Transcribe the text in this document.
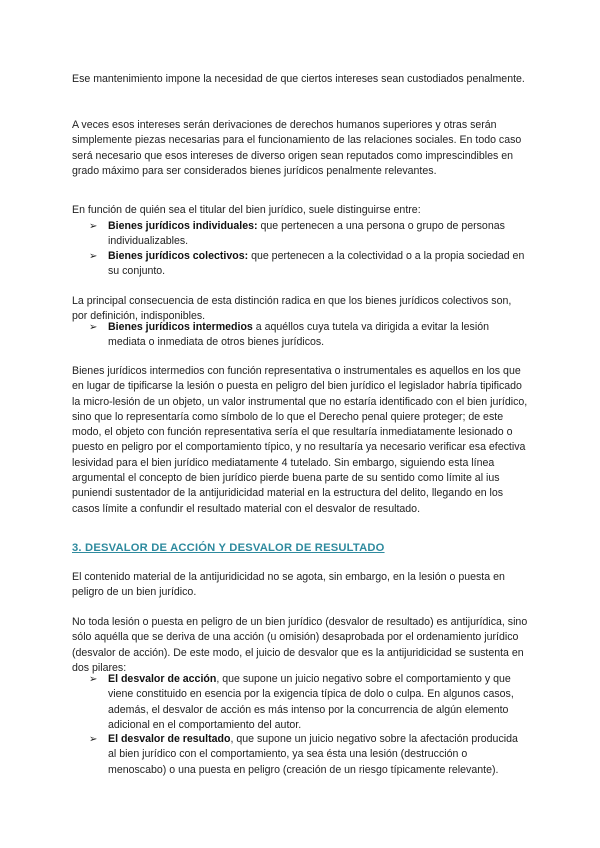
Ese mantenimiento impone la necesidad de que ciertos intereses sean custodiados penalmente.

A veces esos intereses serán derivaciones de derechos humanos superiores y otras serán simplemente piezas necesarias para el funcionamiento de las relaciones sociales. En todo caso será necesario que esos intereses de diverso origen sean reputados como imprescindibles en grado máximo para ser considerados bienes jurídicos penalmente relevantes.

En función de quién sea el titular del bien jurídico, suele distinguirse entre:

➢ Bienes jurídicos individuales: que pertenecen a una persona o grupo de personas individualizables.
➢ Bienes jurídicos colectivos: que pertenecen a la colectividad o a la propia sociedad en su conjunto.

La principal consecuencia de esta distinción radica en que los bienes jurídicos colectivos son, por definición, indisponibles.

➢ Bienes jurídicos intermedios a aquéllos cuya tutela va dirigida a evitar la lesión mediata o inmediata de otros bienes jurídicos.

Bienes jurídicos intermedios con función representativa o instrumentales es aquellos en los que en lugar de tipificarse la lesión o puesta en peligro del bien jurídico el legislador habría tipificado la micro-lesión de un objeto, un valor instrumental que no estaría identificado con el bien jurídico, sino que lo representaría como símbolo de lo que el Derecho penal quiere proteger; de este modo, el objeto con función representativa sería el que resultaría inmediatamente lesionado o puesto en peligro por el comportamiento típico, y no resultaría ya necesario verificar esa efectiva lesividad para el bien jurídico mediatamente 4 tutelado. Sin embargo, siguiendo esta línea argumental el concepto de bien jurídico pierde buena parte de su sentido como límite al ius puniendi sustentador de la antijuridicidad material en la estructura del delito, llegando en los casos límite a confundir el resultado material con el desvalor de resultado.

3. DESVALOR DE ACCIÓN Y DESVALOR DE RESULTADO

El contenido material de la antijuridicidad no se agota, sin embargo, en la lesión o puesta en peligro de un bien jurídico.

No toda lesión o puesta en peligro de un bien jurídico (desvalor de resultado) es antijurídica, sino sólo aquélla que se deriva de una acción (u omisión) desaprobada por el ordenamiento jurídico (desvalor de acción). De este modo, el juicio de desvalor que es la antijuridicidad se sustenta en dos pilares:

➢ El desvalor de acción, que supone un juicio negativo sobre el comportamiento y que viene constituido en esencia por la exigencia típica de dolo o culpa. En algunos casos, además, el desvalor de acción es más intenso por la concurrencia de algún elemento adicional en el comportamiento del autor.
➢ El desvalor de resultado, que supone un juicio negativo sobre la afectación producida al bien jurídico con el comportamiento, ya sea ésta una lesión (destrucción o menoscabo) o una puesta en peligro (creación de un riesgo típicamente relevante).
